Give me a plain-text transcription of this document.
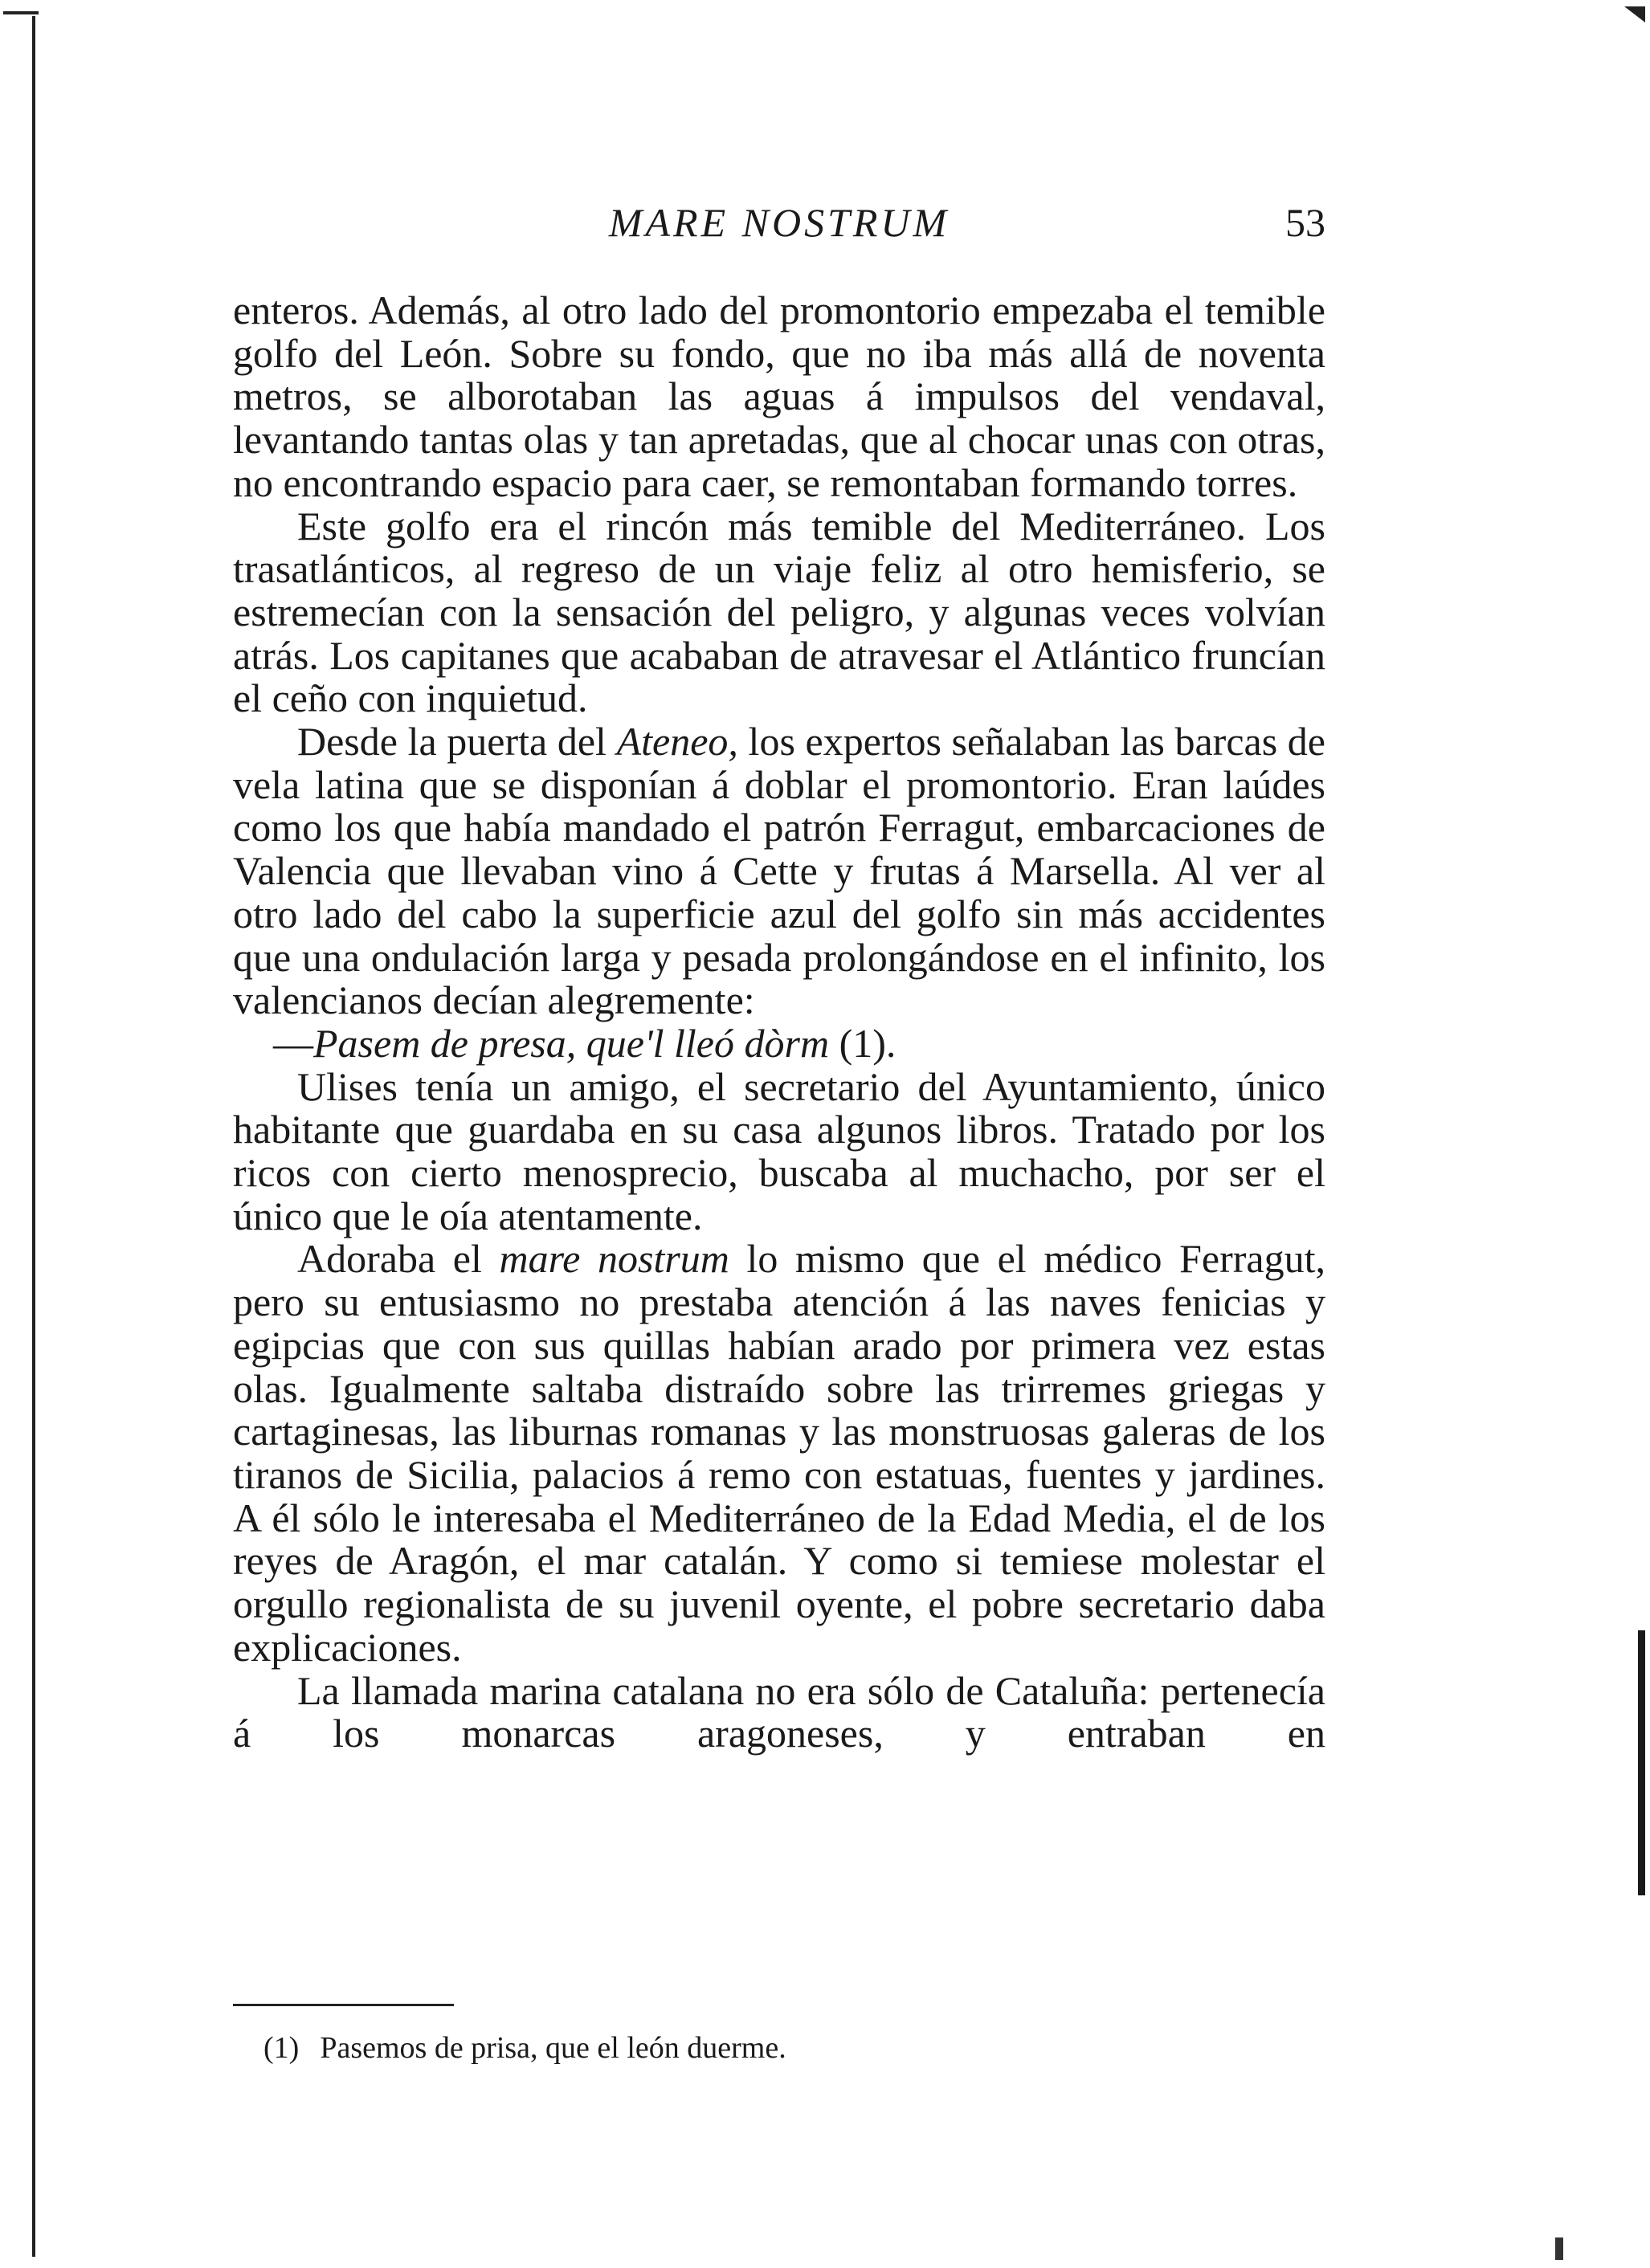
MARE NOSTRUM	53

enteros. Además, al otro lado del promontorio empezaba el temible golfo del León. Sobre su fondo, que no iba más allá de noventa metros, se alborotaban las aguas á impulsos del vendaval, levantando tantas olas y tan apretadas, que al chocar unas con otras, no encontrando espacio para caer, se remontaban formando torres.

Este golfo era el rincón más temible del Mediterráneo. Los trasatlánticos, al regreso de un viaje feliz al otro hemisferio, se estremecían con la sensación del peligro, y algunas veces volvían atrás. Los capitanes que acababan de atravesar el Atlántico fruncían el ceño con inquietud.

Desde la puerta del Ateneo, los expertos señalaban las barcas de vela latina que se disponían á doblar el promontorio. Eran laúdes como los que había mandado el patrón Ferragut, embarcaciones de Valencia que llevaban vino á Cette y frutas á Marsella. Al ver al otro lado del cabo la superficie azul del golfo sin más accidentes que una ondulación larga y pesada prolongándose en el infinito, los valencianos decían alegremente:

—Pasem de presa, que'l lleó dòrm (1).

Ulises tenía un amigo, el secretario del Ayuntamiento, único habitante que guardaba en su casa algunos libros. Tratado por los ricos con cierto menosprecio, buscaba al muchacho, por ser el único que le oía atentamente.

Adoraba el mare nostrum lo mismo que el médico Ferragut, pero su entusiasmo no prestaba atención á las naves fenicias y egipcias que con sus quillas habían arado por primera vez estas olas. Igualmente saltaba distraído sobre las trirremes griegas y cartaginesas, las liburnas romanas y las monstruosas galeras de los tiranos de Sicilia, palacios á remo con estatuas, fuentes y jardines. A él sólo le interesaba el Mediterráneo de la Edad Media, el de los reyes de Aragón, el mar catalán. Y como si temiese molestar el orgullo regionalista de su juvenil oyente, el pobre secretario daba explicaciones.

La llamada marina catalana no era sólo de Cataluña: pertenecía á los monarcas aragoneses, y entraban en

(1) Pasemos de prisa, que el león duerme.
